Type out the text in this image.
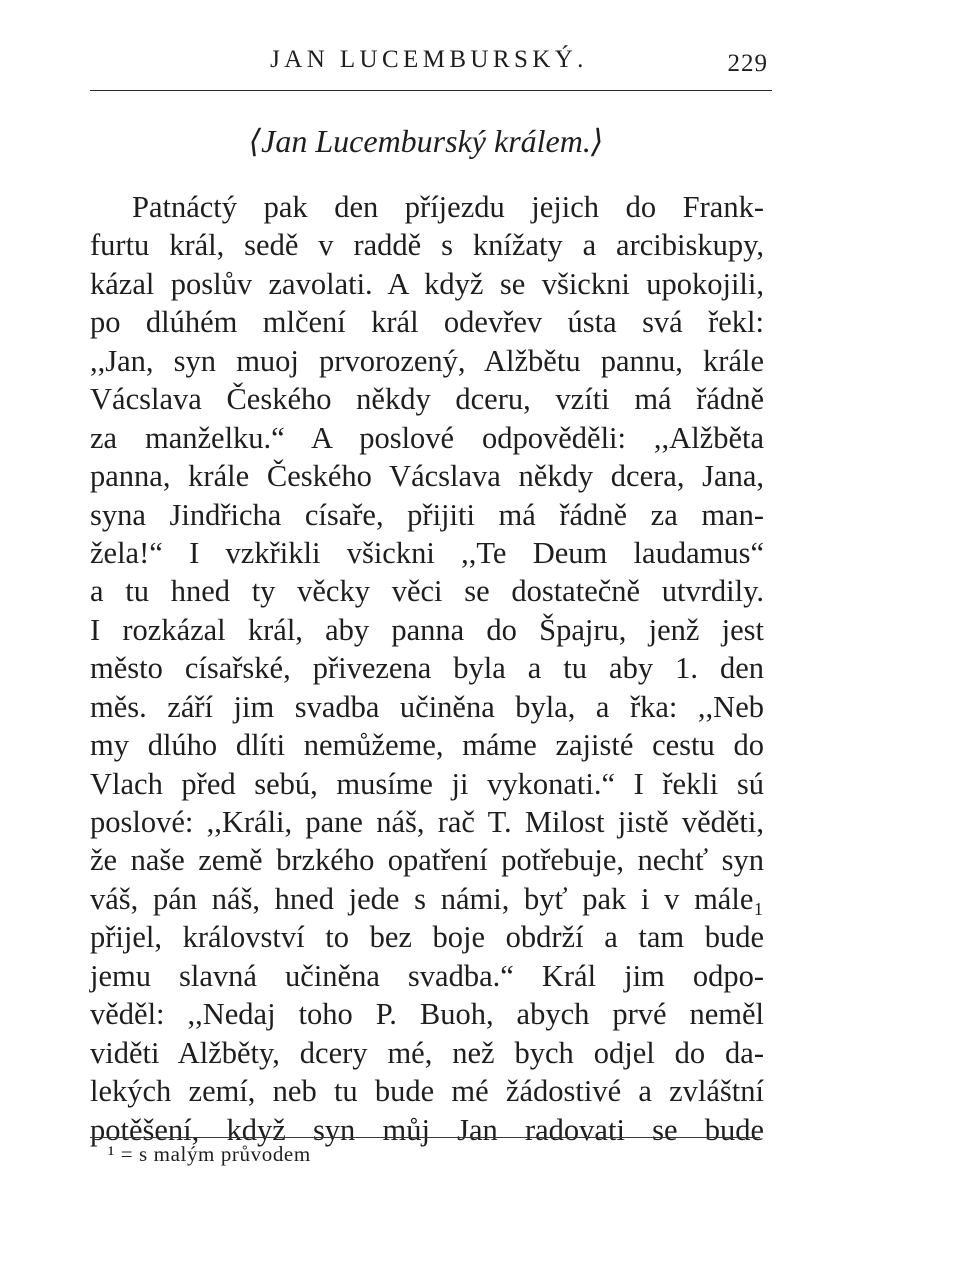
JAN LUCEMBURSKÝ.	229
⟨Jan Lucemburský králem.⟩
Patnáctý pak den příjezdu jejich do Frank-
furtu král, sedě v raddě s knížaty a arcibiskupy,
kázal poslův zavolati. A když se všickni upokojili,
po dlúhém mlčení král odevřev ústa svá řekl:
,,Jan, syn muoj prvorozený, Alžbětu pannu, krále
Vácslava Českého někdy dceru, vzíti má řádně
za manželku.“ A poslové odpověděli: ,,Alžběta
panna, krále Českého Vácslava někdy dcera, Jana,
syna Jindřicha císaře, přijiti má řádně za man-
žela!“ I vzkřikli všickni ,,Te Deum laudamus“
a tu hned ty věcky věci se dostatečně utvrdily.
I rozkázal král, aby panna do Špajru, jenž jest
město císařské, přivezena byla a tu aby 1. den
měs. září jim svadba učiněna byla, a řka: ,,Neb
my dlúho dlíti nemůžeme, máme zajisté cestu do
Vlach před sebú, musíme ji vykonati.“ I řekli sú
poslové: ,,Králi, pane náš, rač T. Milost jistě věděti,
že naše země brzkého opatření potřebuje, nechť syn
váš, pán náš, hned jede s námi, byť pak i v mále₁
přijel, království to bez boje obdrží a tam bude
jemu slavná učiněna svadba.“ Král jim odpo-
věděl: ,,Nedaj toho P. Buoh, abych prvé neměl
viděti Alžběty, dcery mé, než bych odjel do da-
lekých zemí, neb tu bude mé žádostivé a zvláštní
potěšení, když syn můj Jan radovati se bude
¹ = s malým průvodem
